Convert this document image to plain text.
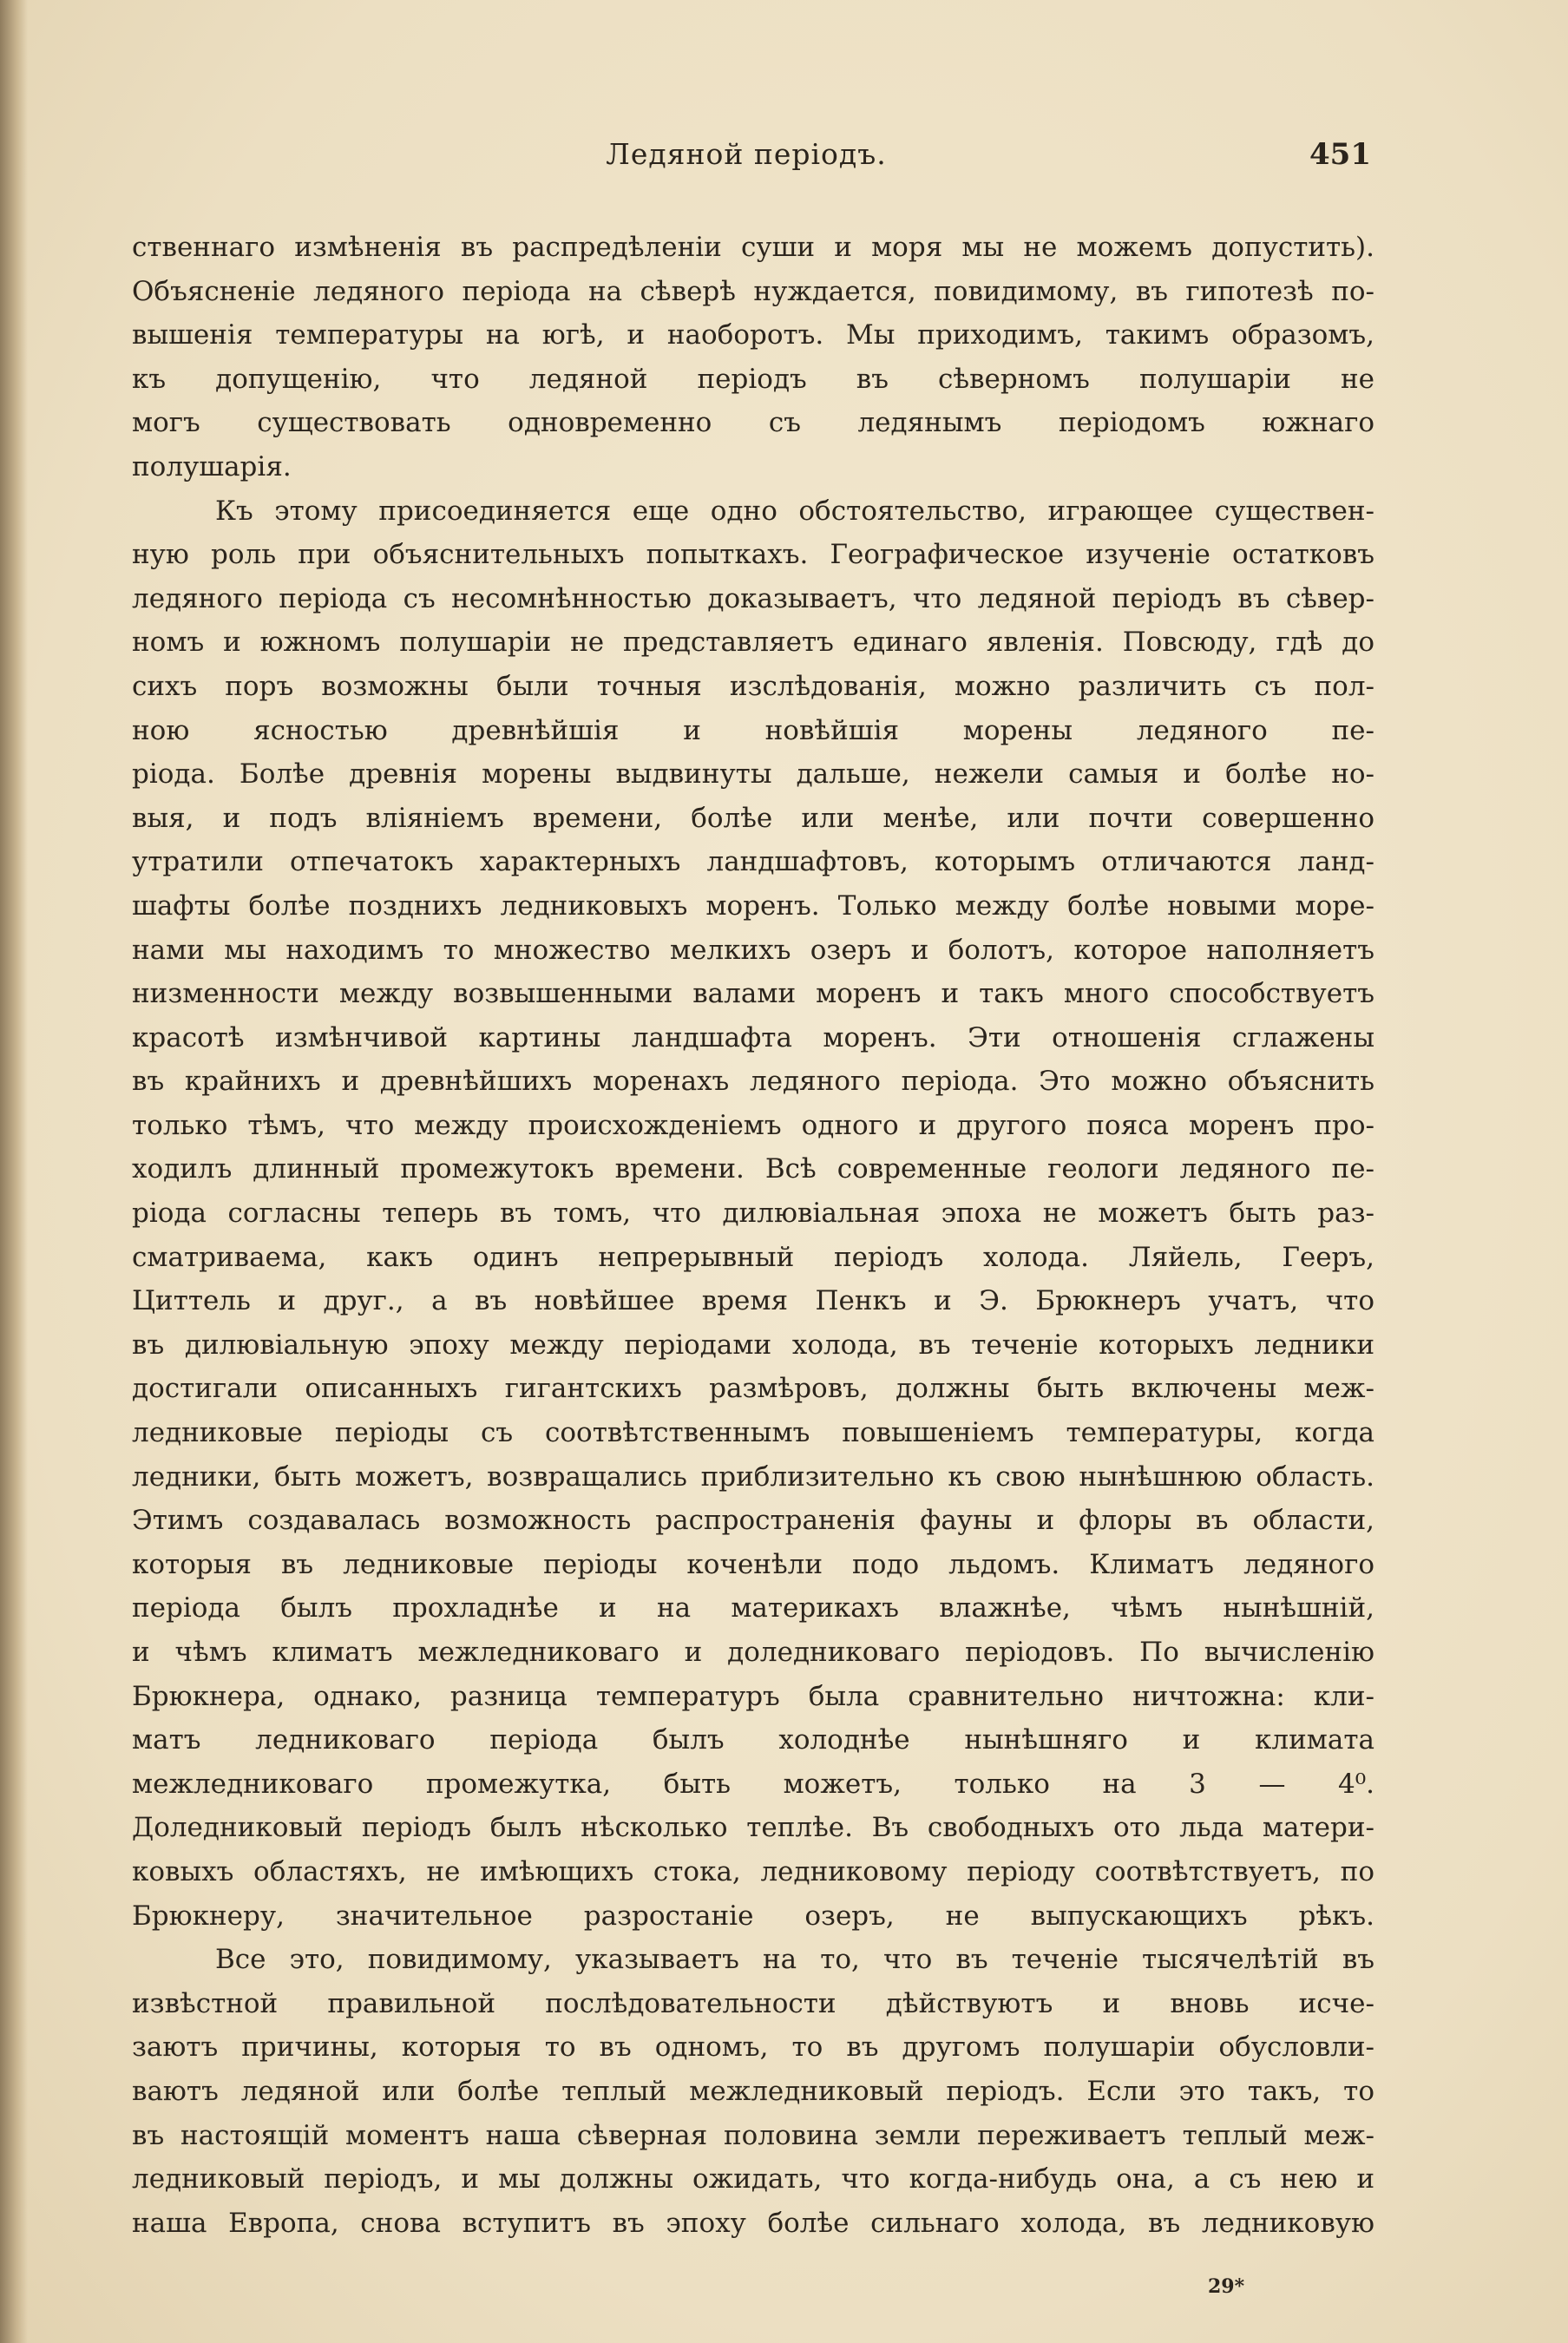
Ледяной перiодъ.	451
ственнаго измѣненiя въ распредѣленiи суши и моря мы не можемъ допустить).
Объясненiе ледяного перiода на сѣверѣ нуждается, повидимому, въ гипотезѣ по-
вышенiя температуры на югѣ, и наоборотъ. Мы приходимъ, такимъ образомъ,
къ допущенiю, что ледяной перiодъ въ сѣверномъ полушарiи не
могъ существовать одновременно съ ледянымъ перiодомъ южнаго
полушарiя.
Къ этому присоединяется еще одно обстоятельство, играющее существен-
ную роль при объяснительныхъ попыткахъ. Географическое изученiе остатковъ
ледяного перiода съ несомнѣнностью доказываетъ, что ледяной перiодъ въ сѣвер-
номъ и южномъ полушарiи не представляетъ единаго явленiя. Повсюду, гдѣ до
сихъ поръ возможны были точныя изслѣдованiя, можно различить съ пол-
ною ясностью древнѣйшiя и новѣйшiя морены ледяного пе-
рiода. Болѣе древнiя морены выдвинуты дальше, нежели самыя и болѣе но-
выя, и подъ влiянiемъ времени, болѣе или менѣе, или почти совершенно
утратили отпечатокъ характерныхъ ландшафтовъ, которымъ отличаются ланд-
шафты болѣе позднихъ ледниковыхъ моренъ. Только между болѣе новыми море-
нами мы находимъ то множество мелкихъ озеръ и болотъ, которое наполняетъ
низменности между возвышенными валами моренъ и такъ много способствуетъ
красотѣ измѣнчивой картины ландшафта моренъ. Эти отношенiя сглажены
въ крайнихъ и древнѣйшихъ моренахъ ледяного перiода. Это можно объяснить
только тѣмъ, что между происхожденiемъ одного и другого пояса моренъ про-
ходилъ длинный промежутокъ времени. Всѣ современные геологи ледяного пе-
рiода согласны теперь въ томъ, что дилювiальная эпоха не можетъ быть раз-
сматриваема, какъ одинъ непрерывный перiодъ холода. Ляйель, Гееръ,
Циттель и друг., а въ новѣйшее время Пенкъ и Э. Брюкнеръ учатъ, что
въ дилювiальную эпоху между перiодами холода, въ теченiе которыхъ ледники
достигали описанныхъ гигантскихъ размѣровъ, должны быть включены меж-
ледниковые перiоды съ соотвѣтственнымъ повышенiемъ температуры, когда
ледники, быть можетъ, возвращались приблизительно къ свою нынѣшнюю область.
Этимъ создавалась возможность распространенiя фауны и флоры въ области,
которыя въ ледниковые перiоды коченѣли подо льдомъ. Климатъ ледяного
перiода былъ прохладнѣе и на материкахъ влажнѣе, чѣмъ нынѣшнiй,
и чѣмъ климатъ межледниковаго и доледниковаго перiодовъ. По вычисленiю
Брюкнера, однако, разница температуръ была сравнительно ничтожна: кли-
матъ ледниковаго перiода былъ холоднѣе нынѣшняго и климата
межледниковаго промежутка, быть можетъ, только на 3 — 4⁰.
Доледниковый перiодъ былъ нѣсколько теплѣе. Въ свободныхъ ото льда матери-
ковыхъ областяхъ, не имѣющихъ стока, ледниковому перiоду соотвѣтствуетъ, по
Брюкнеру, значительное разростанiе озеръ, не выпускающихъ рѣкъ.
Все это, повидимому, указываетъ на то, что въ теченiе тысячелѣтiй въ
извѣстной правильной послѣдовательности дѣйствуютъ и вновь исче-
заютъ причины, которыя то въ одномъ, то въ другомъ полушарiи обусловли-
ваютъ ледяной или болѣе теплый межледниковый перiодъ. Если это такъ, то
въ настоящiй моментъ наша сѣверная половина земли переживаетъ теплый меж-
ледниковый перiодъ, и мы должны ожидать, что когда-нибудь она, а съ нею и
наша Европа, снова вступитъ въ эпоху болѣе сильнаго холода, въ ледниковую
29*
